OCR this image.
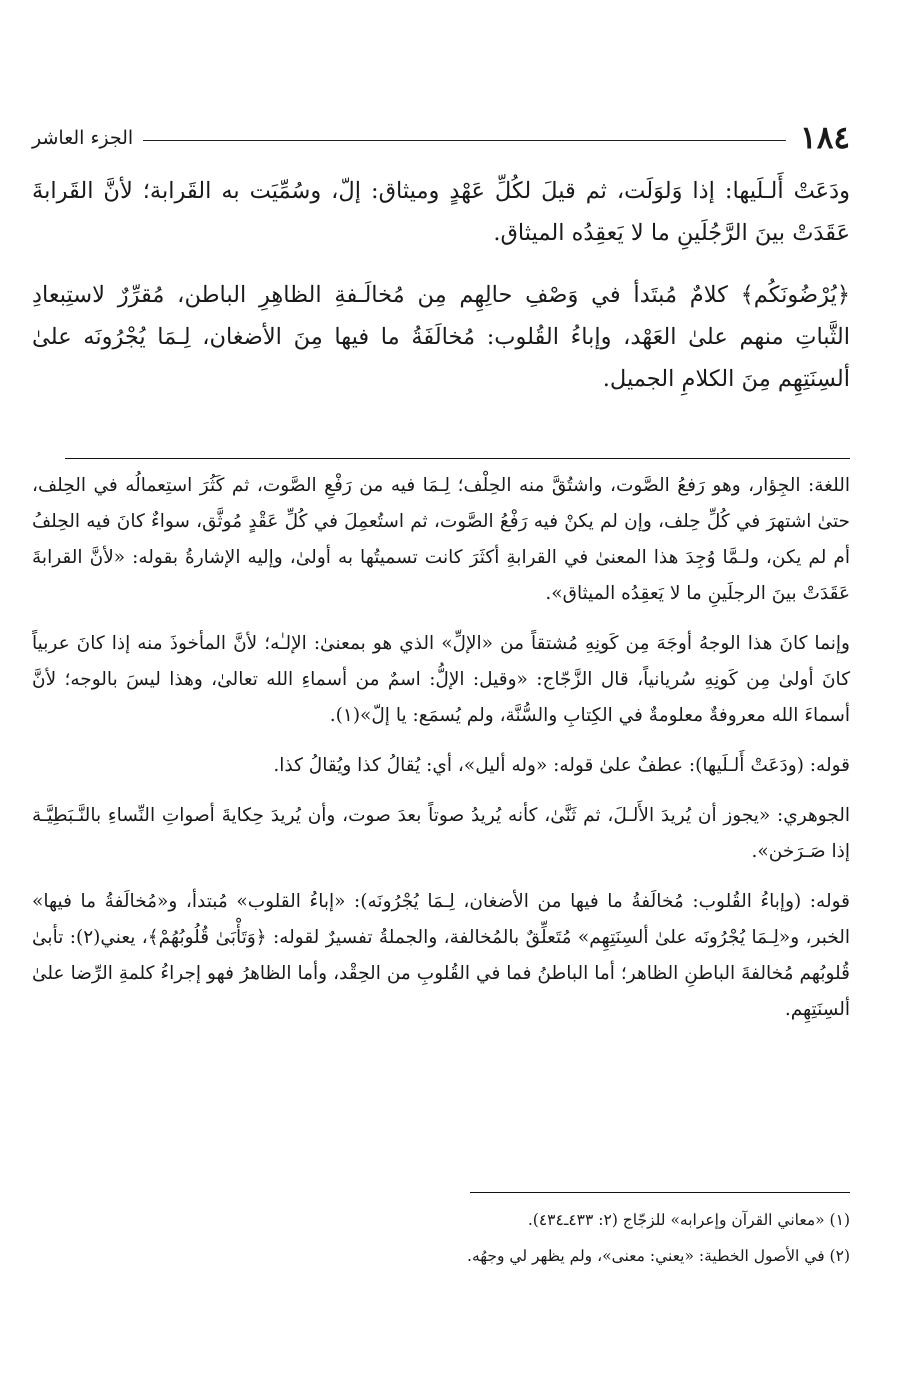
١٨٤
الجزء العاشر

ودَعَتْ أَلـلَيها: إذا وَلوَلَت، ثم قيلَ لكُلِّ عَهْدٍ وميثاق: إلّ، وسُمِّيَت به القَرابة؛ لأنَّ القَرابةَ عَقَدَتْ بينَ الرَّجُلَينِ ما لا يَعقِدُه الميثاق.

﴿يُرْضُونَكُم﴾ كلامٌ مُبتَدأ في وَصْفِ حالِهِم مِن مُخالَـفةِ الظاهِرِ الباطن، مُقرِّرٌ لاستِبعادِ الثَّباتِ منهم علىٰ العَهْد، وإباءُ القُلوب: مُخالَفَةُ ما فيها مِنَ الأضغان، لِـمَا يُجْرُونَه علىٰ ألسِنَتِهِم مِنَ الكلامِ الجميل.

اللغة: الجِؤار، وهو رَفعُ الصَّوت، واشتُقَّ منه الحِلْف؛ لِـمَا فيه من رَفْعِ الصَّوت، ثم كَثُرَ استِعمالُه في الحِلف، حتىٰ اشتهرَ في كُلِّ حِلف، وإن لم يكنْ فيه رَفْعُ الصَّوت، ثم استُعمِلَ في كُلِّ عَقْدٍ مُوثَّق، سواءٌ كانَ فيه الحِلفُ أم لم يكن، ولـمَّا وُجِدَ هذا المعنىٰ في القرابةِ أكثَرَ كانت تسميتُها به أولىٰ، وإليه الإشارةُ بقوله: «لأنَّ القرابةَ عَقَدَتْ بينَ الرجلَينِ ما لا يَعقِدُه الميثاق».

وإنما كانَ هذا الوجهُ أوجَهَ مِن كَونِهِ مُشتقاً من «الإلِّ» الذي هو بمعنىٰ: الإلـٰه؛ لأنَّ المأخوذَ منه إذا كانَ عربياً كانَ أولىٰ مِن كَونِهِ سُريانياً، قال الزَّجّاج: «وقيل: الإلُّ: اسمٌ من أسماءِ الله تعالىٰ، وهذا ليسَ بالوجه؛ لأنَّ أسماءَ الله معروفةٌ معلومةٌ في الكِتابِ والسُّنَّة، ولم يُسمَع: يا إلّ»(١).

قوله: (ودَعَتْ أَلـلَيها): عطفٌ علىٰ قوله: «وله أليل»، أي: يُقالُ كذا ويُقالُ كذا.

الجوهري: «يجوز أن يُريدَ الأَلـلَ، ثم ثَنَّىٰ، كأنه يُريدُ صوتاً بعدَ صوت، وأن يُريدَ حِكايةَ أصواتِ النِّساءِ بالنَّـبَطِيَّـة إذا صَـرَخن».

قوله: (وإباءُ القُلوب: مُخالَفةُ ما فيها من الأضغان، لِـمَا يُجْرُونَه): «إباءُ القلوب» مُبتدأ، و«مُخالَفةُ ما فيها» الخبر، و«لِـمَا يُجْرُونَه علىٰ ألسِنَتِهِم» مُتَعلِّقٌ بالمُخالفة، والجملةُ تفسيرٌ لقوله: ﴿وَتَأْبَىٰ قُلُوبُهُمْ﴾، يعني(٢): تأبىٰ قُلوبُهم مُخالفةَ الباطنِ الظاهر؛ أما الباطنُ فما في القُلوبِ من الحِقْد، وأما الظاهرُ فهو إجراءُ كلمةِ الرِّضا علىٰ ألسِنَتِهِم.

(١) «معاني القرآن وإعرابه» للزجّاج (٢: ٤٣٣ـ٤٣٤).

(٢) في الأصول الخطية: «يعني: معنى»، ولم يظهر لي وجهُه.
